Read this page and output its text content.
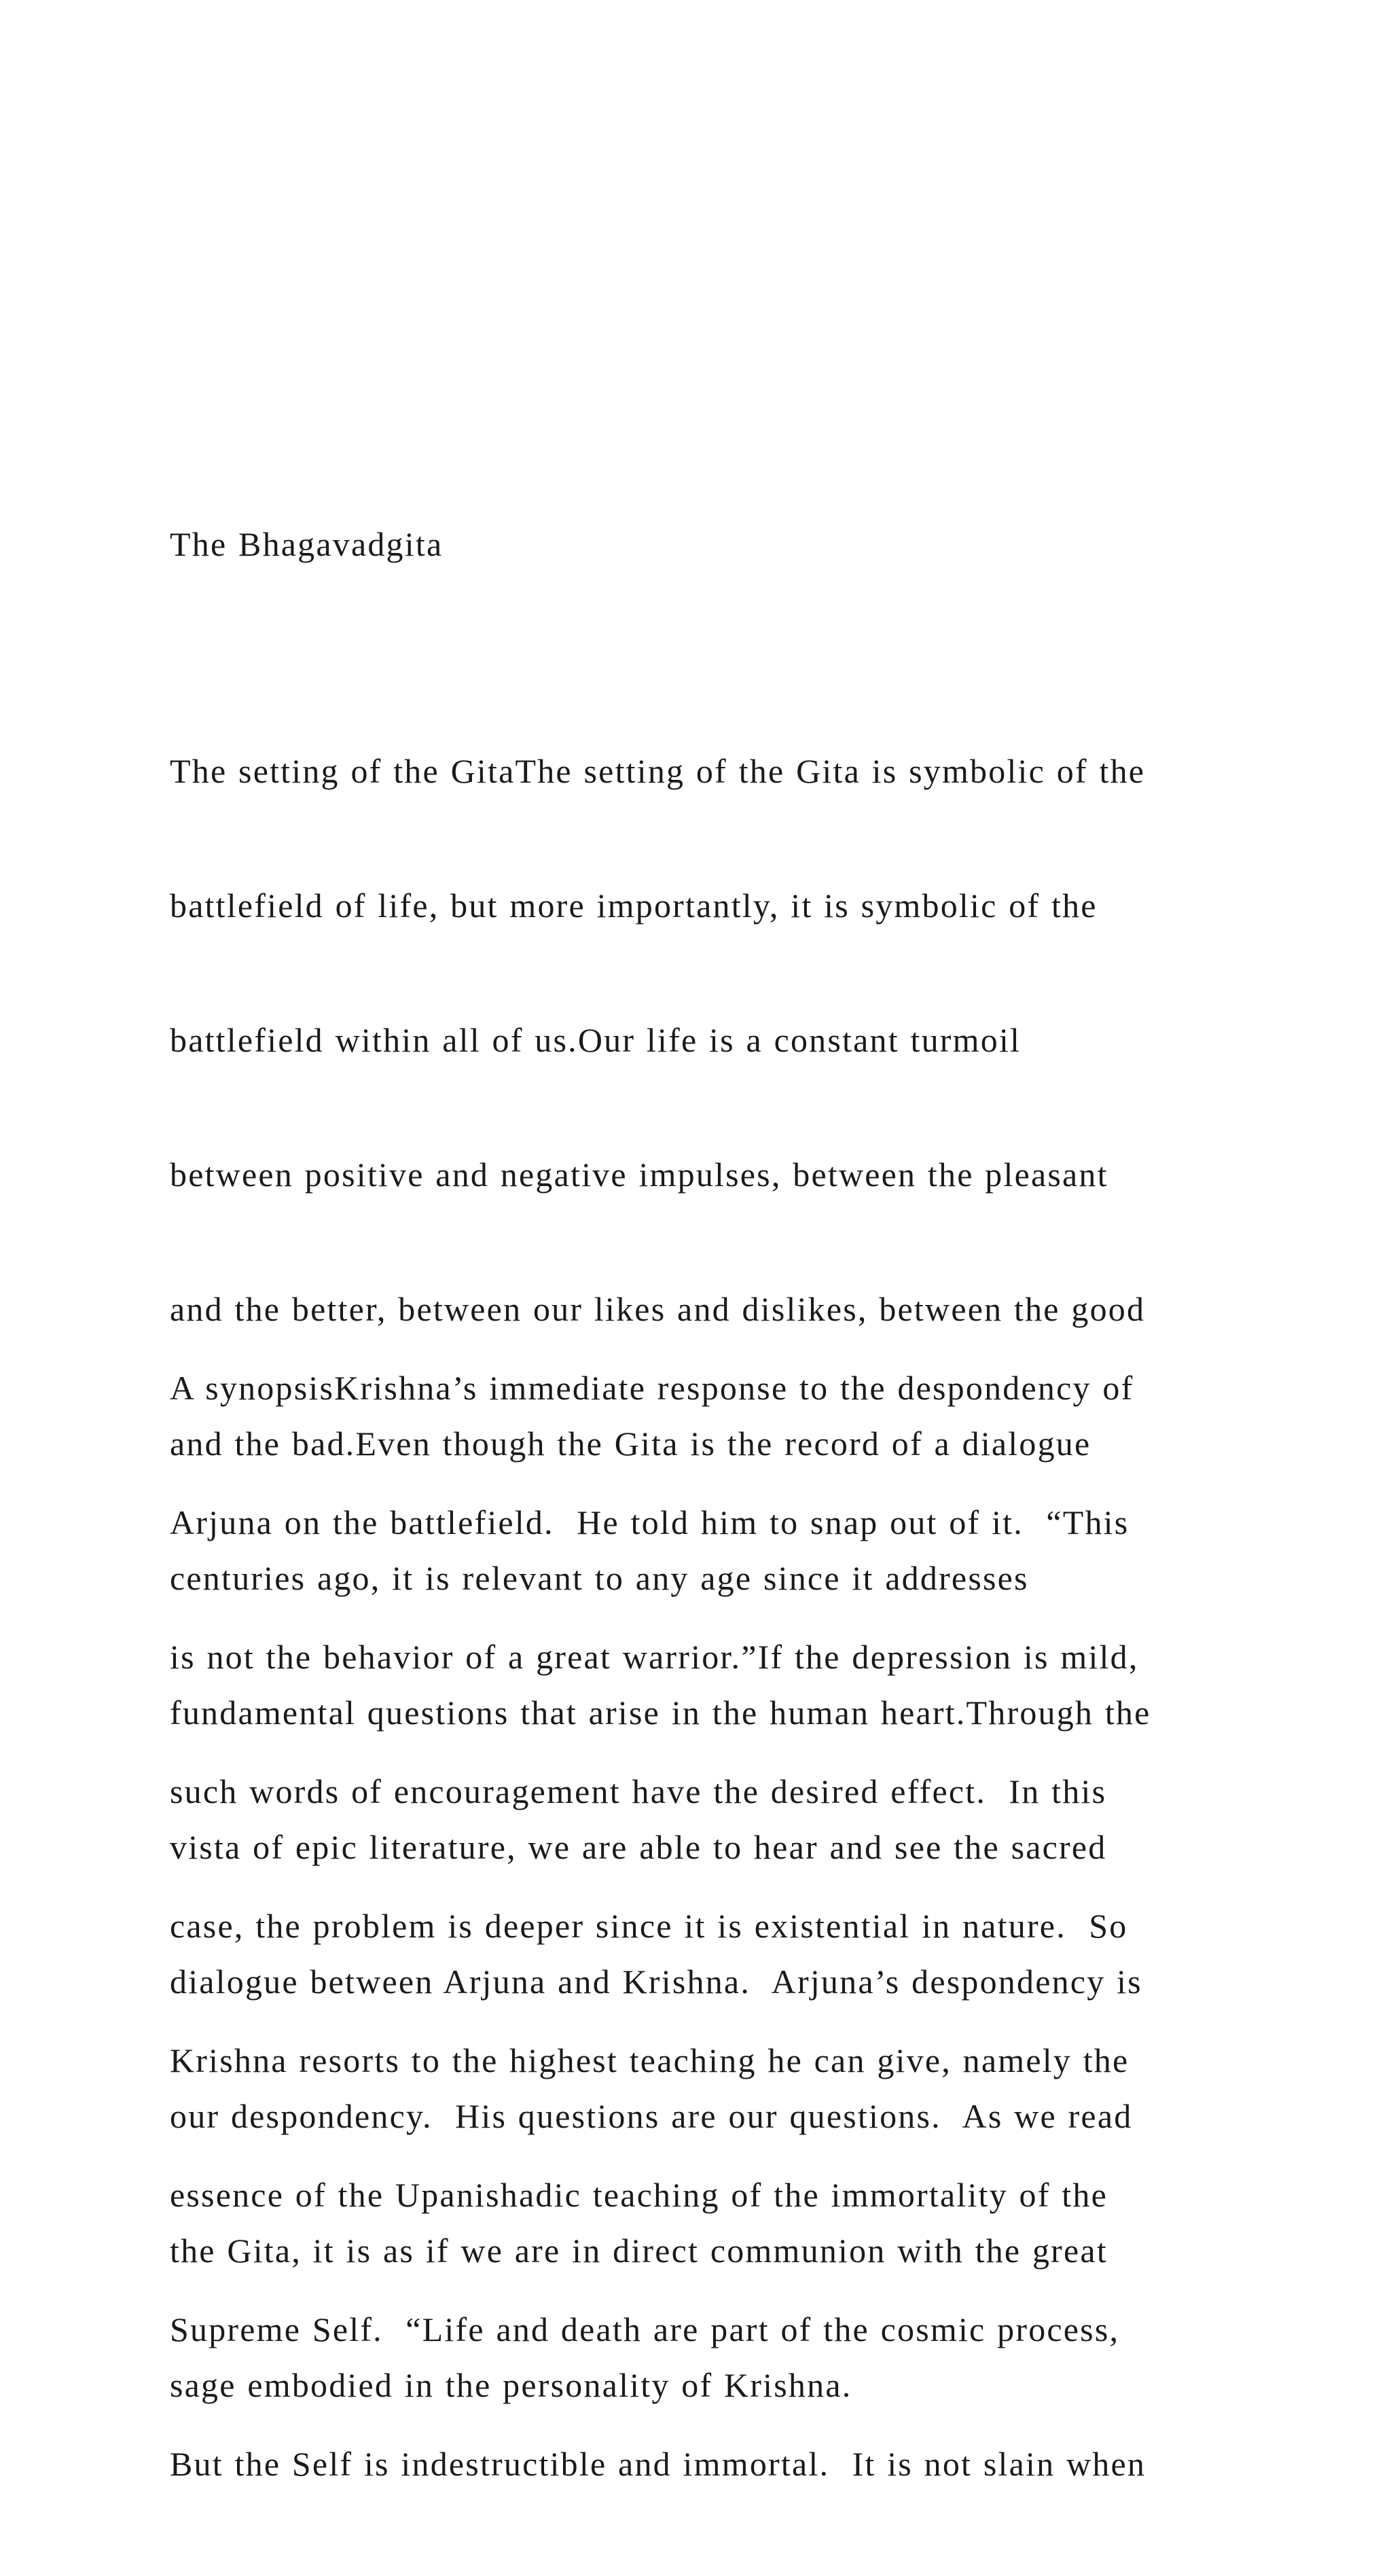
The Bhagavadgita

The setting of the GitaThe setting of the Gita is symbolic of the

battlefield of life, but more importantly, it is symbolic of the

battlefield within all of us.Our life is a constant turmoil

between positive and negative impulses, between the pleasant

and the better, between our likes and dislikes, between the good

and the bad.Even though the Gita is the record of a dialogue

centuries ago, it is relevant to any age since it addresses

fundamental questions that arise in the human heart.Through the

vista of epic literature, we are able to hear and see the sacred

dialogue between Arjuna and Krishna.  Arjuna’s despondency is

our despondency.  His questions are our questions.  As we read

the Gita, it is as if we are in direct communion with the great

sage embodied in the personality of Krishna.

A synopsisKrishna’s immediate response to the despondency of

Arjuna on the battlefield.  He told him to snap out of it.  “This

is not the behavior of a great warrior.”If the depression is mild,

such words of encouragement have the desired effect.  In this

case, the problem is deeper since it is existential in nature.  So

Krishna resorts to the highest teaching he can give, namely the

essence of the Upanishadic teaching of the immortality of the

Supreme Self.  “Life and death are part of the cosmic process,

But the Self is indestructible and immortal.  It is not slain when
